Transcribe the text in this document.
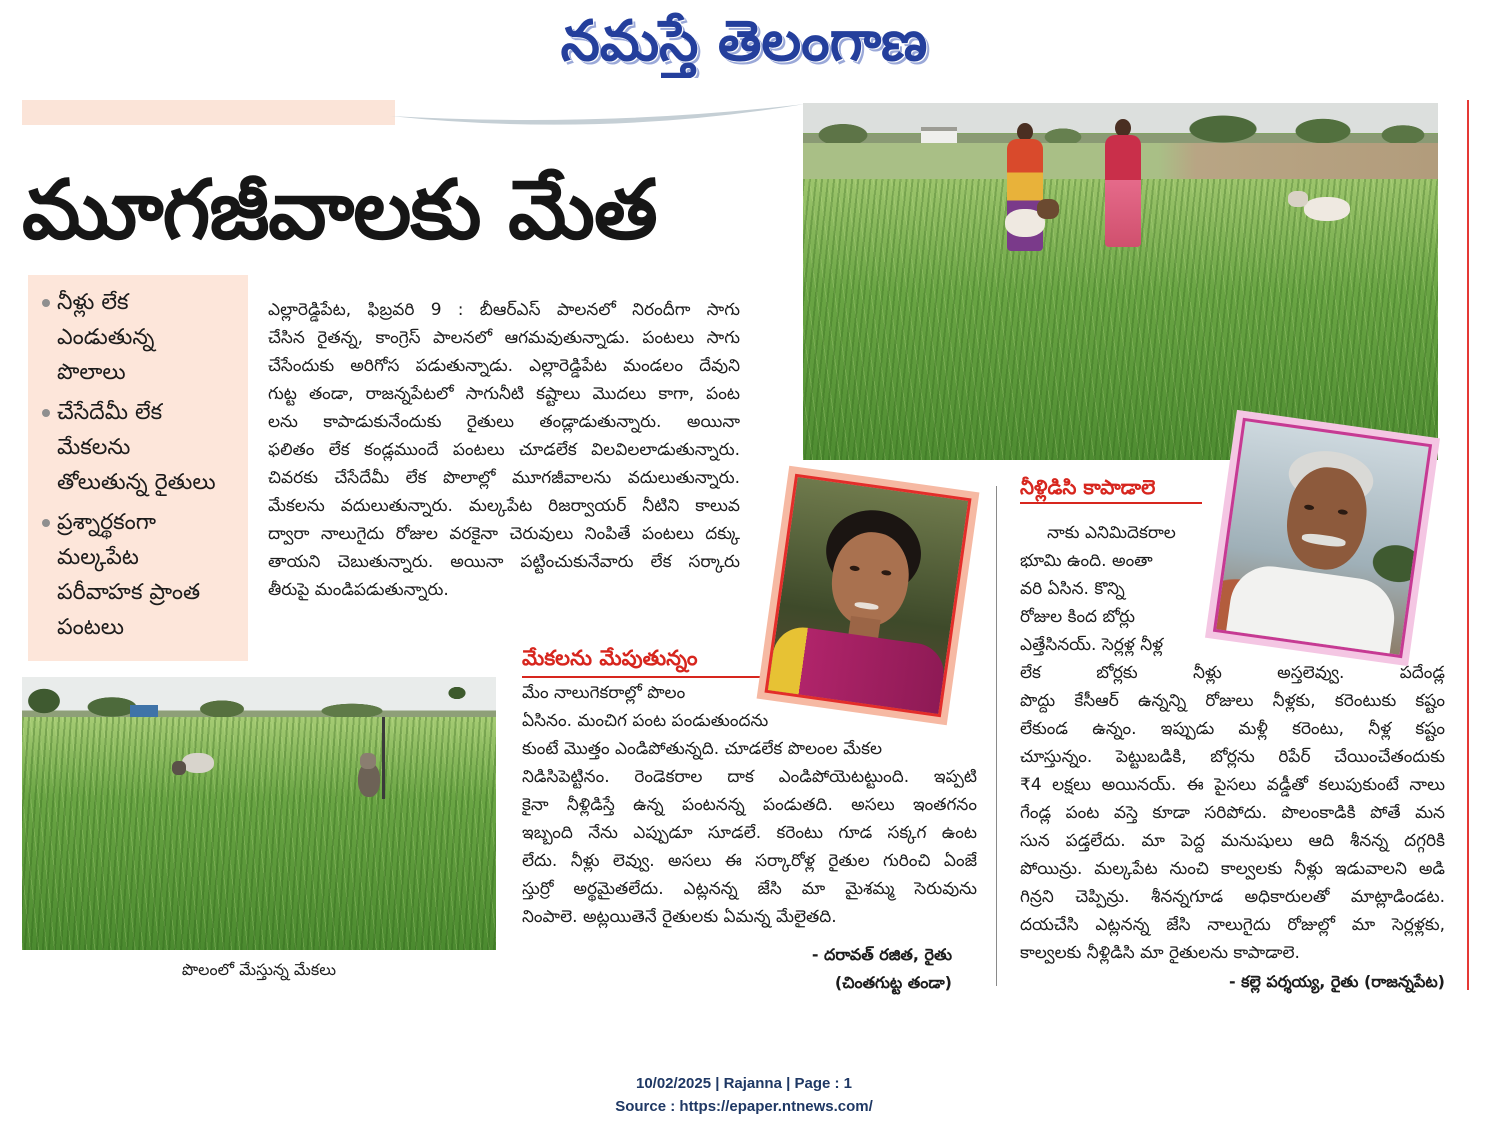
నమస్తే తెలంగాణ
మూగజీవాలకు మేత
నీళ్లు లేక
ఎండుతున్న
పొలాలు
చేసేదేమీ లేక
మేకలను
తోలుతున్న రైతులు
ప్రశ్నార్థకంగా
మల్కపేట
పరీవాహక ప్రాంత
పంటలు
ఎల్లారెడ్డిపేట, ఫిబ్రవరి 9 : బీఆర్ఎస్ పాలనలో నిరందీగా సాగు
చేసిన రైతన్న, కాంగ్రెస్ పాలనలో ఆగమవుతున్నాడు. పంటలు సాగు
చేసేందుకు అరిగోస పడుతున్నాడు. ఎల్లారెడ్డిపేట మండలం దేవుని
గుట్ట తండా, రాజన్నపేటలో సాగునీటి కష్టాలు మొదలు కాగా, పంట
లను కాపాడుకునేందుకు రైతులు తండ్లాడుతున్నారు. అయినా
ఫలితం లేక కండ్లముందే పంటలు చూడలేక విలవిలలాడుతున్నారు.
చివరకు చేసేదేమీ లేక పొలాల్లో మూగజీవాలను వదులుతున్నారు.
మేకలను వదులుతున్నారు. మల్కపేట రిజర్వాయర్ నీటిని కాలువ
ద్వారా నాలుగైదు రోజుల వరకైనా చెరువులు నింపితే పంటలు దక్కు
తాయని చెబుతున్నారు. అయినా పట్టించుకునేవారు లేక సర్కారు
తీరుపై మండిపడుతున్నారు.
పొలంలో మేస్తున్న మేకలు
మేకలను మేపుతున్నం
మేం నాలుగెకరాల్లో పొలం
ఏసినం. మంచిగ పంట పండుతుందను
కుంటే మొత్తం ఎండిపోతున్నది. చూడలేక పొలంల మేకల
నిడిసిపెట్టినం. రెండెకరాల దాక ఎండిపోయెటట్టుంది. ఇప్పటి
కైనా నీళ్లిడిస్తే ఉన్న పంటనన్న పండుతది. అసలు ఇంతగనం
ఇబ్బంది నేను ఎప్పుడూ సూడలే. కరెంటు గూడ సక్కగ ఉంట
లేదు. నీళ్లు లెవ్వు. అసలు ఈ సర్కారోళ్ల రైతుల గురించి ఏంజే
స్తుర్రో అర్థమైతలేదు. ఎట్లనన్న జేసి మా మైశమ్మ సెరువును
నింపాలె. అట్లయితెనే రైతులకు ఏమన్న మేలైతది.
- దరావత్ రజిత, రైతు
(చింతగుట్ట తండా)
నీళ్లిడిసి కాపాడాలె
నాకు ఎనిమిదెకరాల
భూమి ఉంది. అంతా
వరి ఏసిన. కొన్ని
రోజుల కింద బోర్లు
ఎత్తేసినయ్. సెర్లళ్ల నీళ్ల
లేక బోర్లకు నీళ్లు అస్తలెవ్వు. పదేండ్ల
పొద్దు కేసీఆర్ ఉన్నన్ని రోజులు నీళ్లకు, కరెంటుకు కష్టం
లేకుండ ఉన్నం. ఇప్పుడు మళ్లీ కరెంటు, నీళ్ల కష్టం
చూస్తున్నం. పెట్టుబడికి, బోర్లను రిపేర్ చేయించేతందుకు
₹4 లక్షలు అయినయ్. ఈ పైసలు వడ్డీతో కలుపుకుంటే నాలు
గేండ్ల పంట వస్తె కూడా సరిపోదు. పొలంకాడికి పోతే మన
సున పడ్తలేదు. మా పెద్ద మనుషులు ఆది శీనన్న దగ్గరికి
పోయిన్రు. మల్కపేట నుంచి కాల్వలకు నీళ్లు ఇడువాలని అడి
గిన్రని చెప్పిన్రు. శీనన్నగూడ అధికారులతో మాట్లాడిండట.
దయచేసి ఎట్లనన్న జేసి నాలుగైదు రోజుల్లో మా సెర్లళ్లకు,
కాల్వలకు నీళ్లిడిసి మా రైతులను కాపాడాలె.
- కల్లె పర్శయ్య, రైతు (రాజన్నపేట)
10/02/2025 | Rajanna | Page : 1
Source : https://epaper.ntnews.com/
